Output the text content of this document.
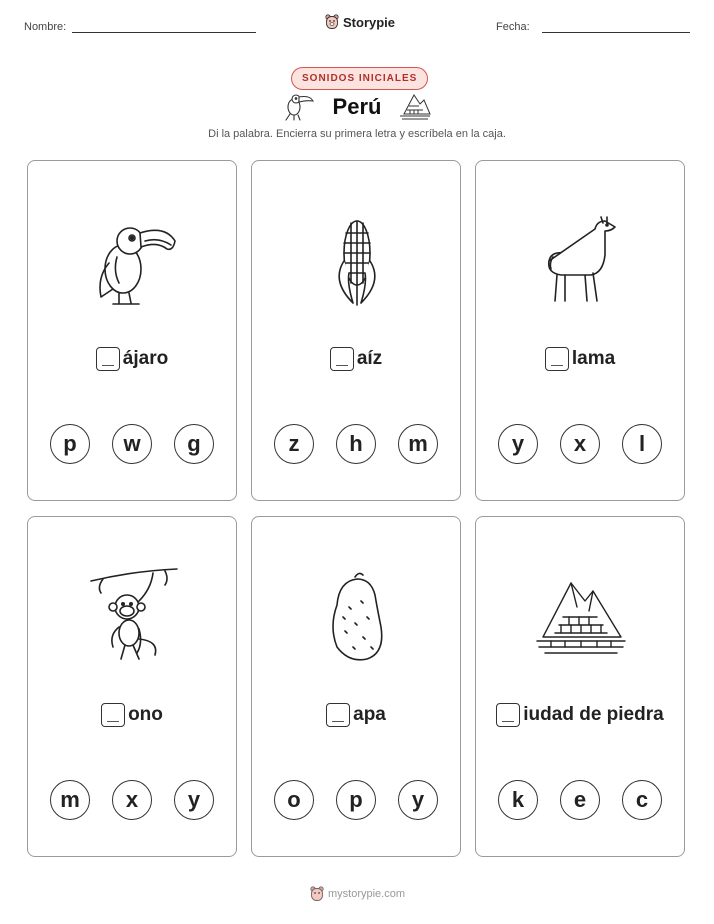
Nombre:	Storypie	Fecha:
SONIDOS INICIALES
Perú
Di la palabra. Encierra su primera letra y escríbela en la caja.
ájaro
p	w	g
aíz
z	h	m
lama
y	x	l
ono
m	x	y
apa
o	p	y
iudad de piedra
k	e	c
mystorypie.com
